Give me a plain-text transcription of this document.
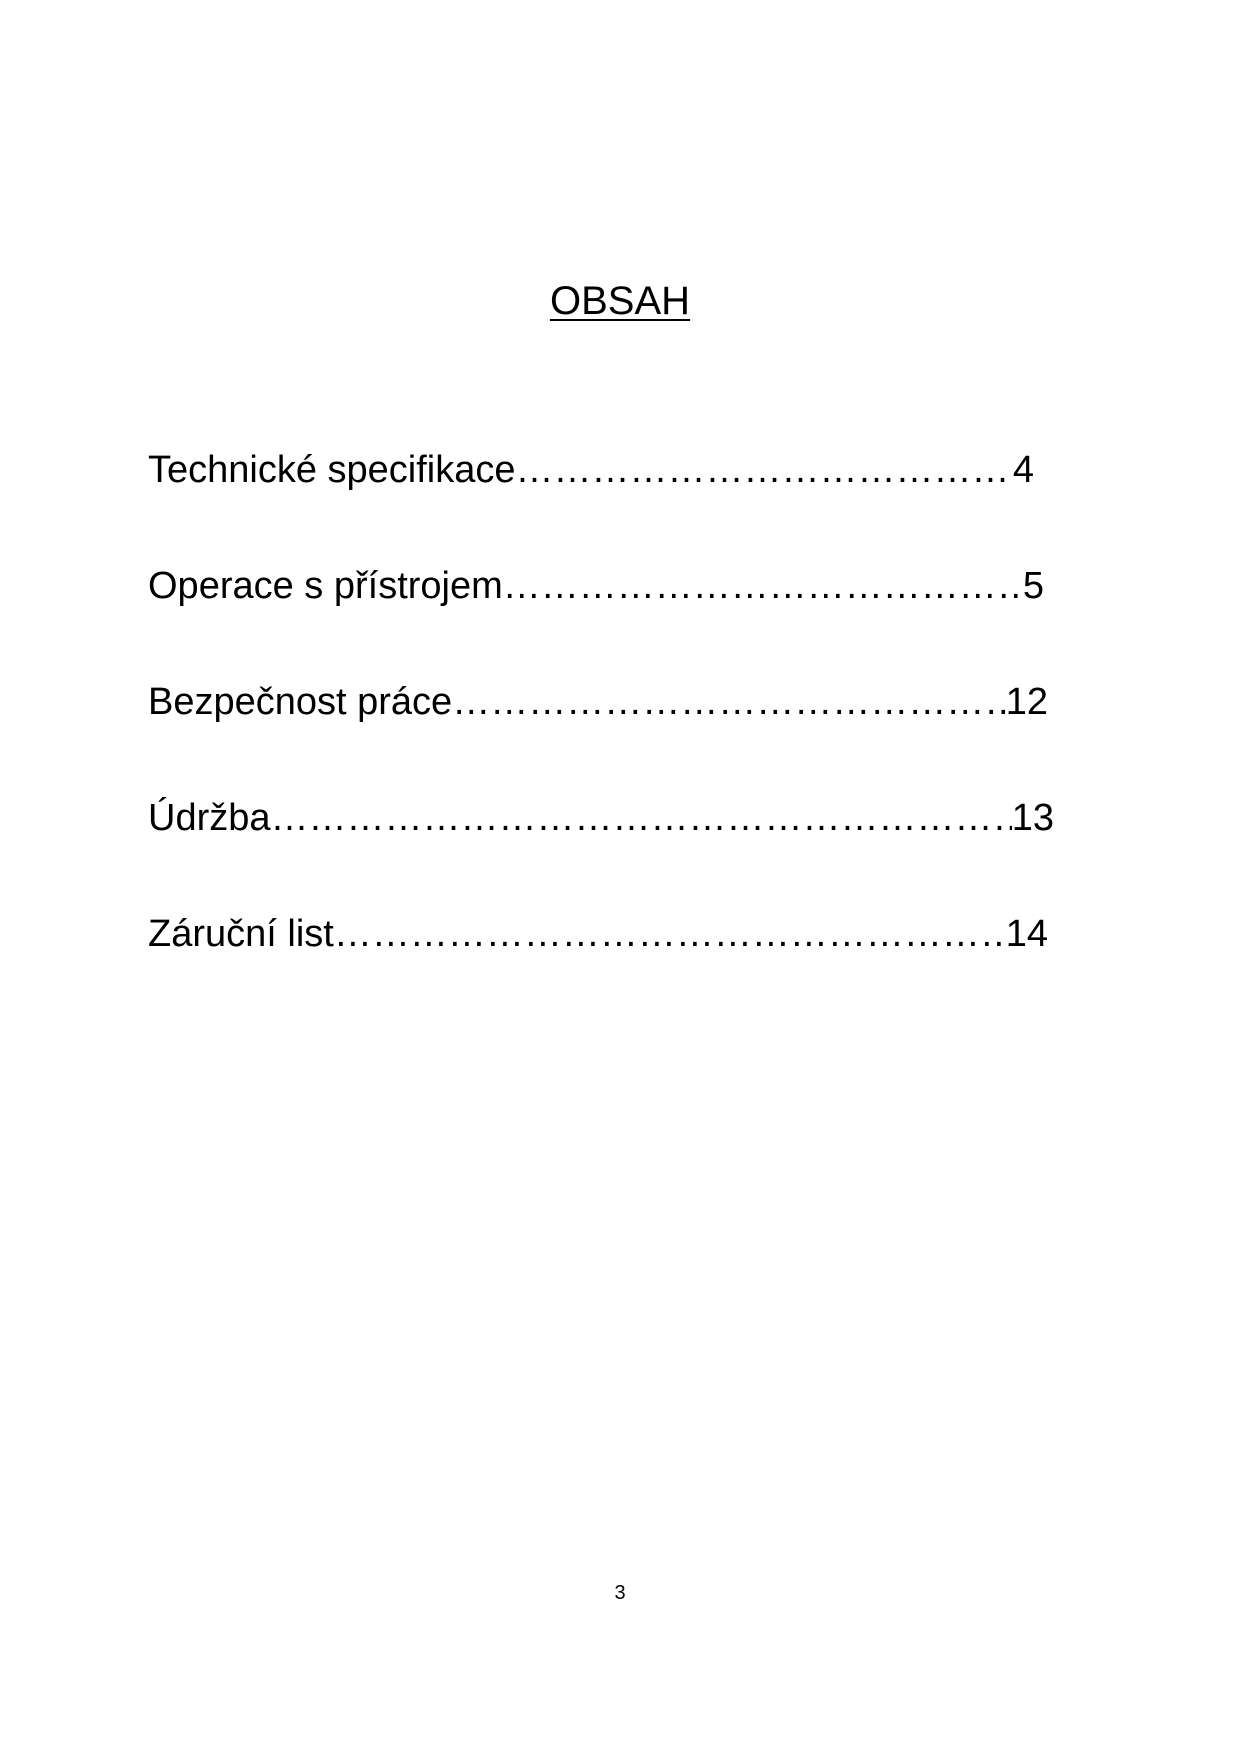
OBSAH
Technické specifikace ……………………………………………………………………………………………………………………………………………………	4
Operace s přístrojem ……………………………………………………………………………………………………………………………………………………	5
Bezpečnost práce ……………………………………………………………………………………………………………………………………………………	12
Údržba ……………………………………………………………………………………………………………………………………………………	13
Záruční list ……………………………………………………………………………………………………………………………………………………	14
3
